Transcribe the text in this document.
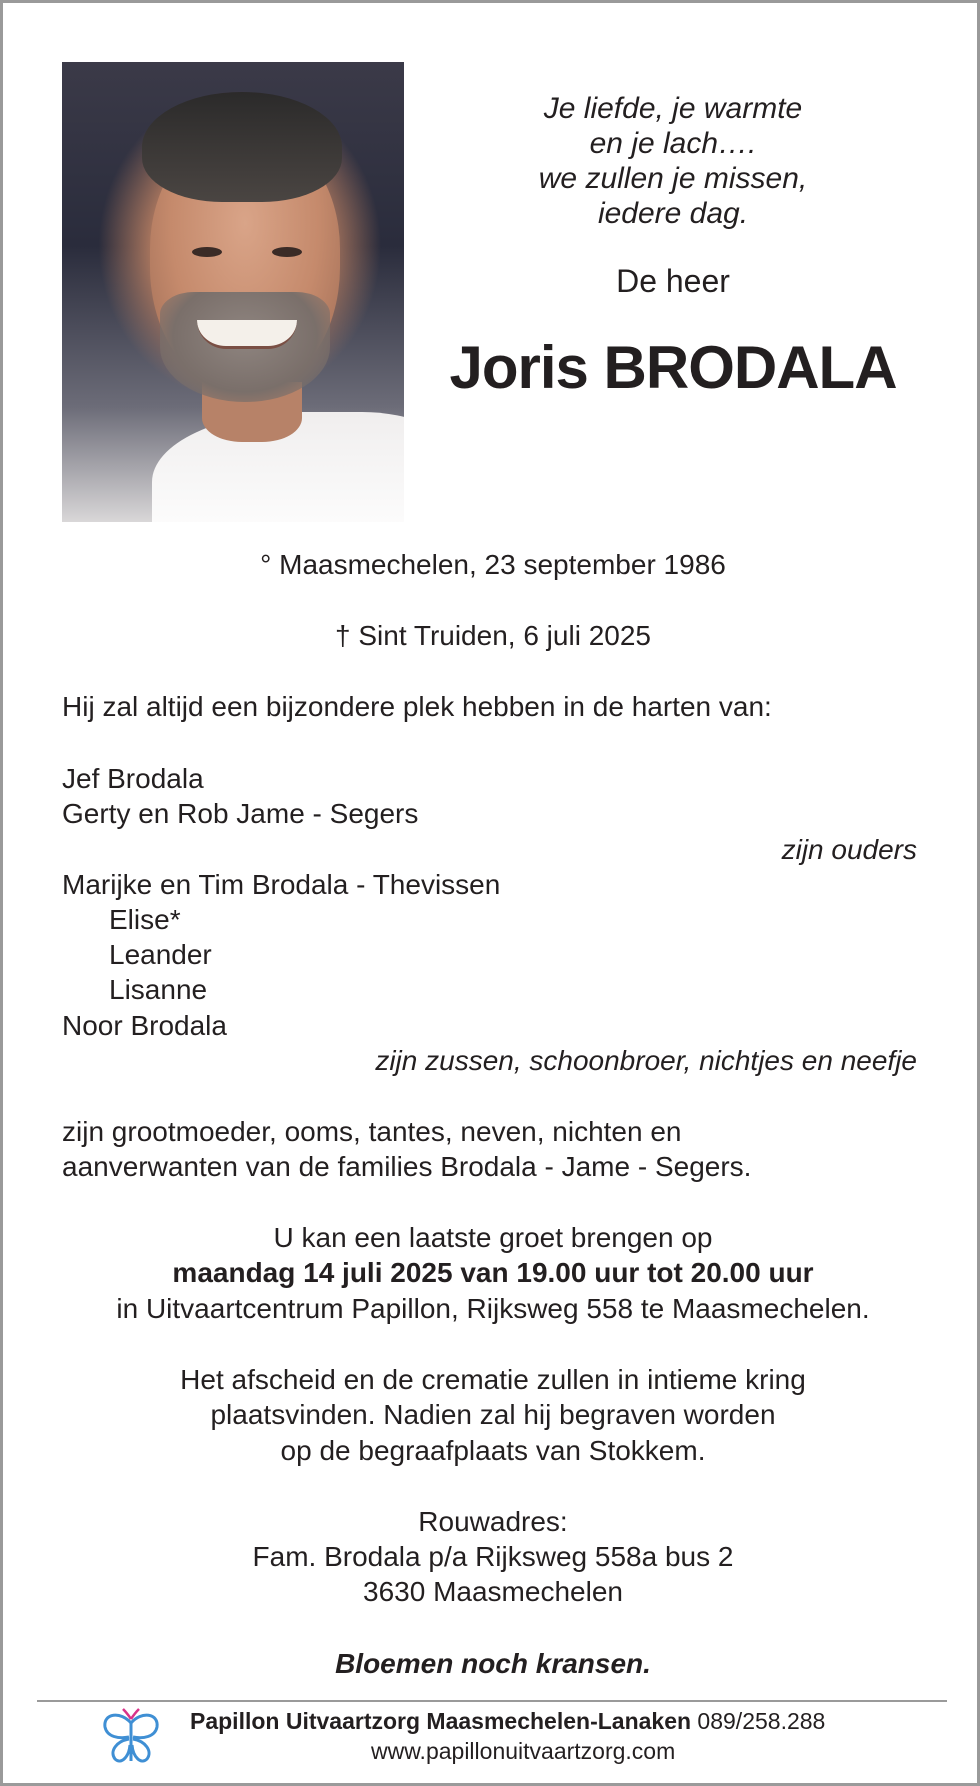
Je liefde, je warmte
en je lach….
we zullen je missen,
iedere dag.
De heer
Joris BRODALA
° Maasmechelen, 23 september 1986
† Sint Truiden, 6 juli 2025
Hij zal altijd een bijzondere plek hebben in de harten van:
Jef Brodala
Gerty en Rob Jame - Segers
zijn ouders
Marijke en Tim Brodala - Thevissen
Elise*
Leander
Lisanne
Noor Brodala
zijn zussen, schoonbroer, nichtjes en neefje
zijn grootmoeder, ooms, tantes, neven, nichten en
aanverwanten van de families Brodala - Jame - Segers.
U kan een laatste groet brengen op
maandag 14 juli 2025 van 19.00 uur tot 20.00 uur
in Uitvaartcentrum Papillon, Rijksweg 558 te Maasmechelen.
Het afscheid en de crematie zullen in intieme kring
plaatsvinden. Nadien zal hij begraven worden
op de begraafplaats van Stokkem.
Rouwadres:
Fam. Brodala p/a Rijksweg 558a bus 2
3630 Maasmechelen
Bloemen noch kransen.
Papillon Uitvaartzorg Maasmechelen-Lanaken 089/258.288
www.papillonuitvaartzorg.com
